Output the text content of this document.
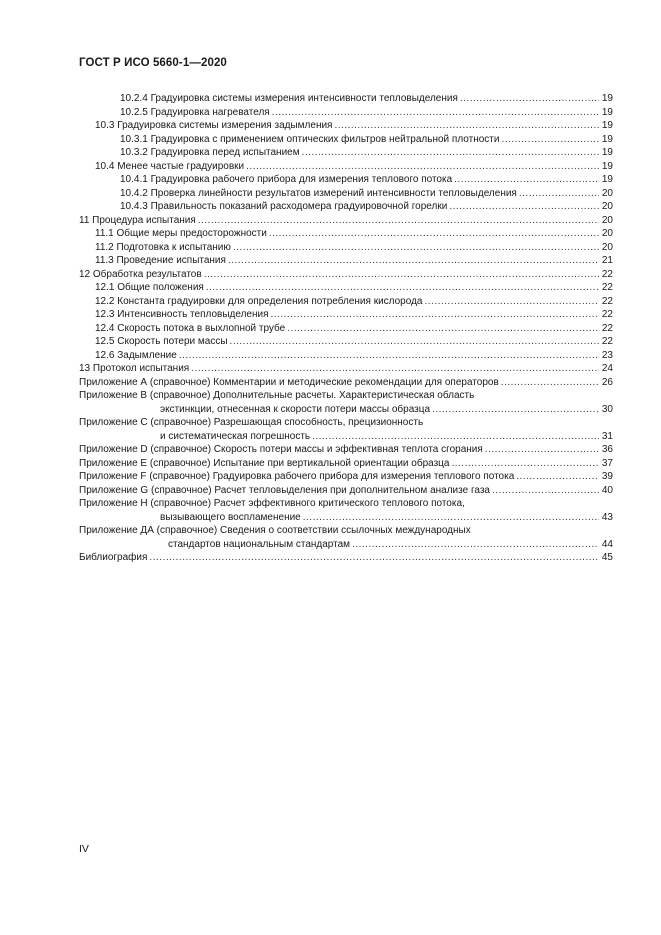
ГОСТ Р ИСО 5660-1—2020
10.2.4 Градуировка системы измерения интенсивности тепловыделения .....	19
10.2.5 Градуировка нагревателя .....	19
10.3 Градуировка системы измерения задымления .....	19
10.3.1 Градуировка с применением оптических фильтров нейтральной плотности .....	19
10.3.2 Градуировка перед испытанием .....	19
10.4 Менее частые градуировки .....	19
10.4.1 Градуировка рабочего прибора для измерения теплового потока .....	19
10.4.2 Проверка линейности результатов измерений интенсивности тепловыделения .....	20
10.4.3 Правильность показаний расходомера градуировочной горелки .....	20
11 Процедура испытания .....	20
11.1 Общие меры предосторожности .....	20
11.2 Подготовка к испытанию .....	20
11.3 Проведение испытания .....	21
12 Обработка результатов .....	22
12.1 Общие положения .....	22
12.2 Константа градуировки для определения потребления кислорода .....	22
12.3 Интенсивность тепловыделения .....	22
12.4 Скорость потока в выхлопной трубе .....	22
12.5 Скорость потери массы .....	22
12.6 Задымление .....	23
13 Протокол испытания .....	24
Приложение А (справочное) Комментарии и методические рекомендации для операторов .....	26
Приложение В (справочное) Дополнительные расчеты. Характеристическая область
экстинкции, отнесенная к скорости потери массы образца .....	30
Приложение С (справочное) Разрешающая способность, прецизионность
и систематическая погрешность .....	31
Приложение D (справочное) Скорость потери массы и эффективная теплота сгорания .....	36
Приложение Е (справочное) Испытание при вертикальной ориентации образца .....	37
Приложение F (справочное) Градуировка рабочего прибора для измерения теплового потока .....	39
Приложение G (справочное) Расчет тепловыделения при дополнительном анализе газа .....	40
Приложение Н (справочное) Расчет эффективного критического теплового потока,
вызывающего воспламенение .....	43
Приложение ДА (справочное) Сведения о соответствии ссылочных международных
стандартов национальным стандартам .....	44
Библиография .....	45
IV
